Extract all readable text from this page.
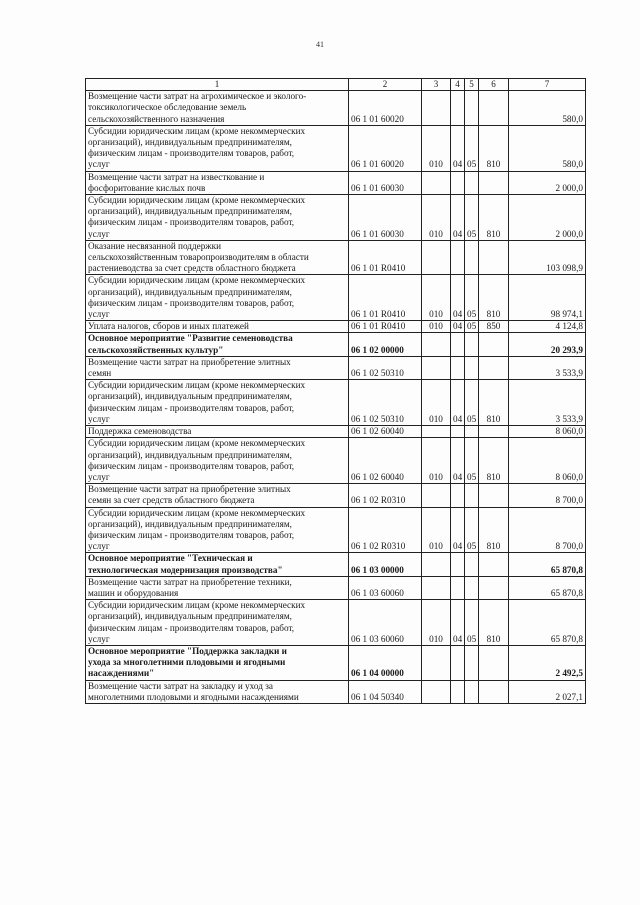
41
1	2	3	4	5	6	7

Возмещение части затрат на агрохимическое и эколого-
токсикологическое обследование земель
сельскохозяйственного назначения	06 1 01 60020					580,0

Субсидии юридическим лицам (кроме некоммерческих
организаций), индивидуальным предпринимателям,
физическим лицам - производителям товаров, работ,
услуг	06 1 01 60020	010	04	05	810	580,0

Возмещение части затрат на известкование и
фосфоритование кислых почв	06 1 01 60030					2 000,0

Субсидии юридическим лицам (кроме некоммерческих
организаций), индивидуальным предпринимателям,
физическим лицам - производителям товаров, работ,
услуг	06 1 01 60030	010	04	05	810	2 000,0

Оказание несвязанной поддержки
сельскохозяйственным товаропроизводителям в области
растениеводства за счет средств областного бюджета	06 1 01 R0410					103 098,9

Субсидии юридическим лицам (кроме некоммерческих
организаций), индивидуальным предпринимателям,
физическим лицам - производителям товаров, работ,
услуг	06 1 01 R0410	010	04	05	810	98 974,1

Уплата налогов, сборов и иных платежей	06 1 01 R0410	010	04	05	850	4 124,8

Основное мероприятие "Развитие семеноводства
сельскохозяйственных культур"	06 1 02 00000					20 293,9

Возмещение части затрат на приобретение элитных
семян	06 1 02 50310					3 533,9

Субсидии юридическим лицам (кроме некоммерческих
организаций), индивидуальным предпринимателям,
физическим лицам - производителям товаров, работ,
услуг	06 1 02 50310	010	04	05	810	3 533,9

Поддержка семеноводства	06 1 02 60040					8 060,0

Субсидии юридическим лицам (кроме некоммерческих
организаций), индивидуальным предпринимателям,
физическим лицам - производителям товаров, работ,
услуг	06 1 02 60040	010	04	05	810	8 060,0

Возмещение части затрат на приобретение элитных
семян за счет средств областного бюджета	06 1 02 R0310					8 700,0

Субсидии юридическим лицам (кроме некоммерческих
организаций), индивидуальным предпринимателям,
физическим лицам - производителям товаров, работ,
услуг	06 1 02 R0310	010	04	05	810	8 700,0

Основное мероприятие "Техническая и
технологическая модернизация производства"	06 1 03 00000					65 870,8

Возмещение части затрат на приобретение техники,
машин и оборудования	06 1 03 60060					65 870,8

Субсидии юридическим лицам (кроме некоммерческих
организаций), индивидуальным предпринимателям,
физическим лицам - производителям товаров, работ,
услуг	06 1 03 60060	010	04	05	810	65 870,8

Основное мероприятие "Поддержка закладки и
ухода за многолетними плодовыми и ягодными
насаждениями"	06 1 04 00000					2 492,5

Возмещение части затрат на закладку и уход за
многолетними плодовыми и ягодными насаждениями	06 1 04 50340					2 027,1
